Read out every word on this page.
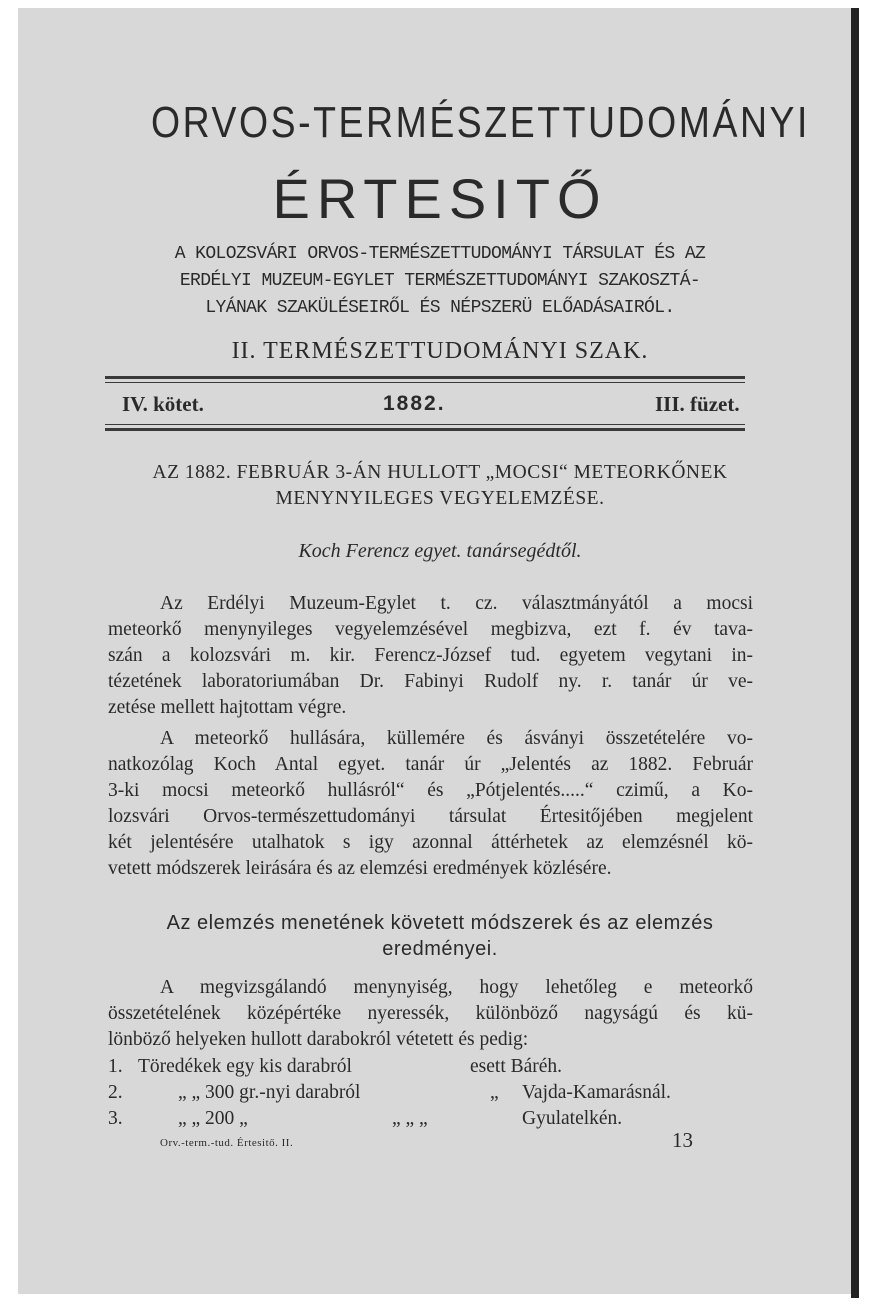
ORVOS-TERMÉSZETTUDOMÁNYI
ÉRTESITŐ
A KOLOZSVÁRI ORVOS-TERMÉSZETTUDOMÁNYI TÁRSULAT ÉS AZ
ERDÉLYI MUZEUM-EGYLET TERMÉSZETTUDOMÁNYI SZAKOSZTÁ-
LYÁNAK SZAKÜLÉSEIRŐL ÉS NÉPSZERÜ ELŐADÁSAIRÓL.
II. TERMÉSZETTUDOMÁNYI SZAK.
IV. kötet.	1882.	III. füzet.
AZ 1882. FEBRUÁR 3-ÁN HULLOTT „MOCSI“ METEORKŐNEK
MENYNYILEGES VEGYELEMZÉSE.
Koch Ferencz egyet. tanársegédtől.
Az Erdélyi Muzeum-Egylet t. cz. választmányától a mocsi
meteorkő menynyileges vegyelemzésével megbizva, ezt f. év tava-
szán a kolozsvári m. kir. Ferencz-József tud. egyetem vegytani in-
tézetének laboratoriumában Dr. Fabinyi Rudolf ny. r. tanár úr ve-
zetése mellett hajtottam végre.
A meteorkő hullására, küllemére és ásványi összetételére vo-
natkozólag Koch Antal egyet. tanár úr „Jelentés az 1882. Február
3-ki mocsi meteorkő hullásról“ és „Pótjelentés.....“ czimű, a Ko-
lozsvári Orvos-természettudományi társulat Értesitőjében megjelent
két jelentésére utalhatok s igy azonnal áttérhetek az elemzésnél kö-
vetett módszerek leirására és az elemzési eredmények közlésére.
Az elemzés menetének követett módszerek és az elemzés
eredményei.
A megvizsgálandó menynyiség, hogy lehetőleg e meteorkő
összetételének középértéke nyeressék, különböző nagyságú és kü-
lönböző helyeken hullott darabokról vétetett és pedig:
1. Töredékek egy kis darabról	esett Báréh.
2.	„ „ 300 gr.-nyi darabról	„ Vajda-Kamarásnál.
3.	„ „ 200 „	„ „ „	Gyulatelkén.
Orv.-term.-tud. Értesitő. II.	13
